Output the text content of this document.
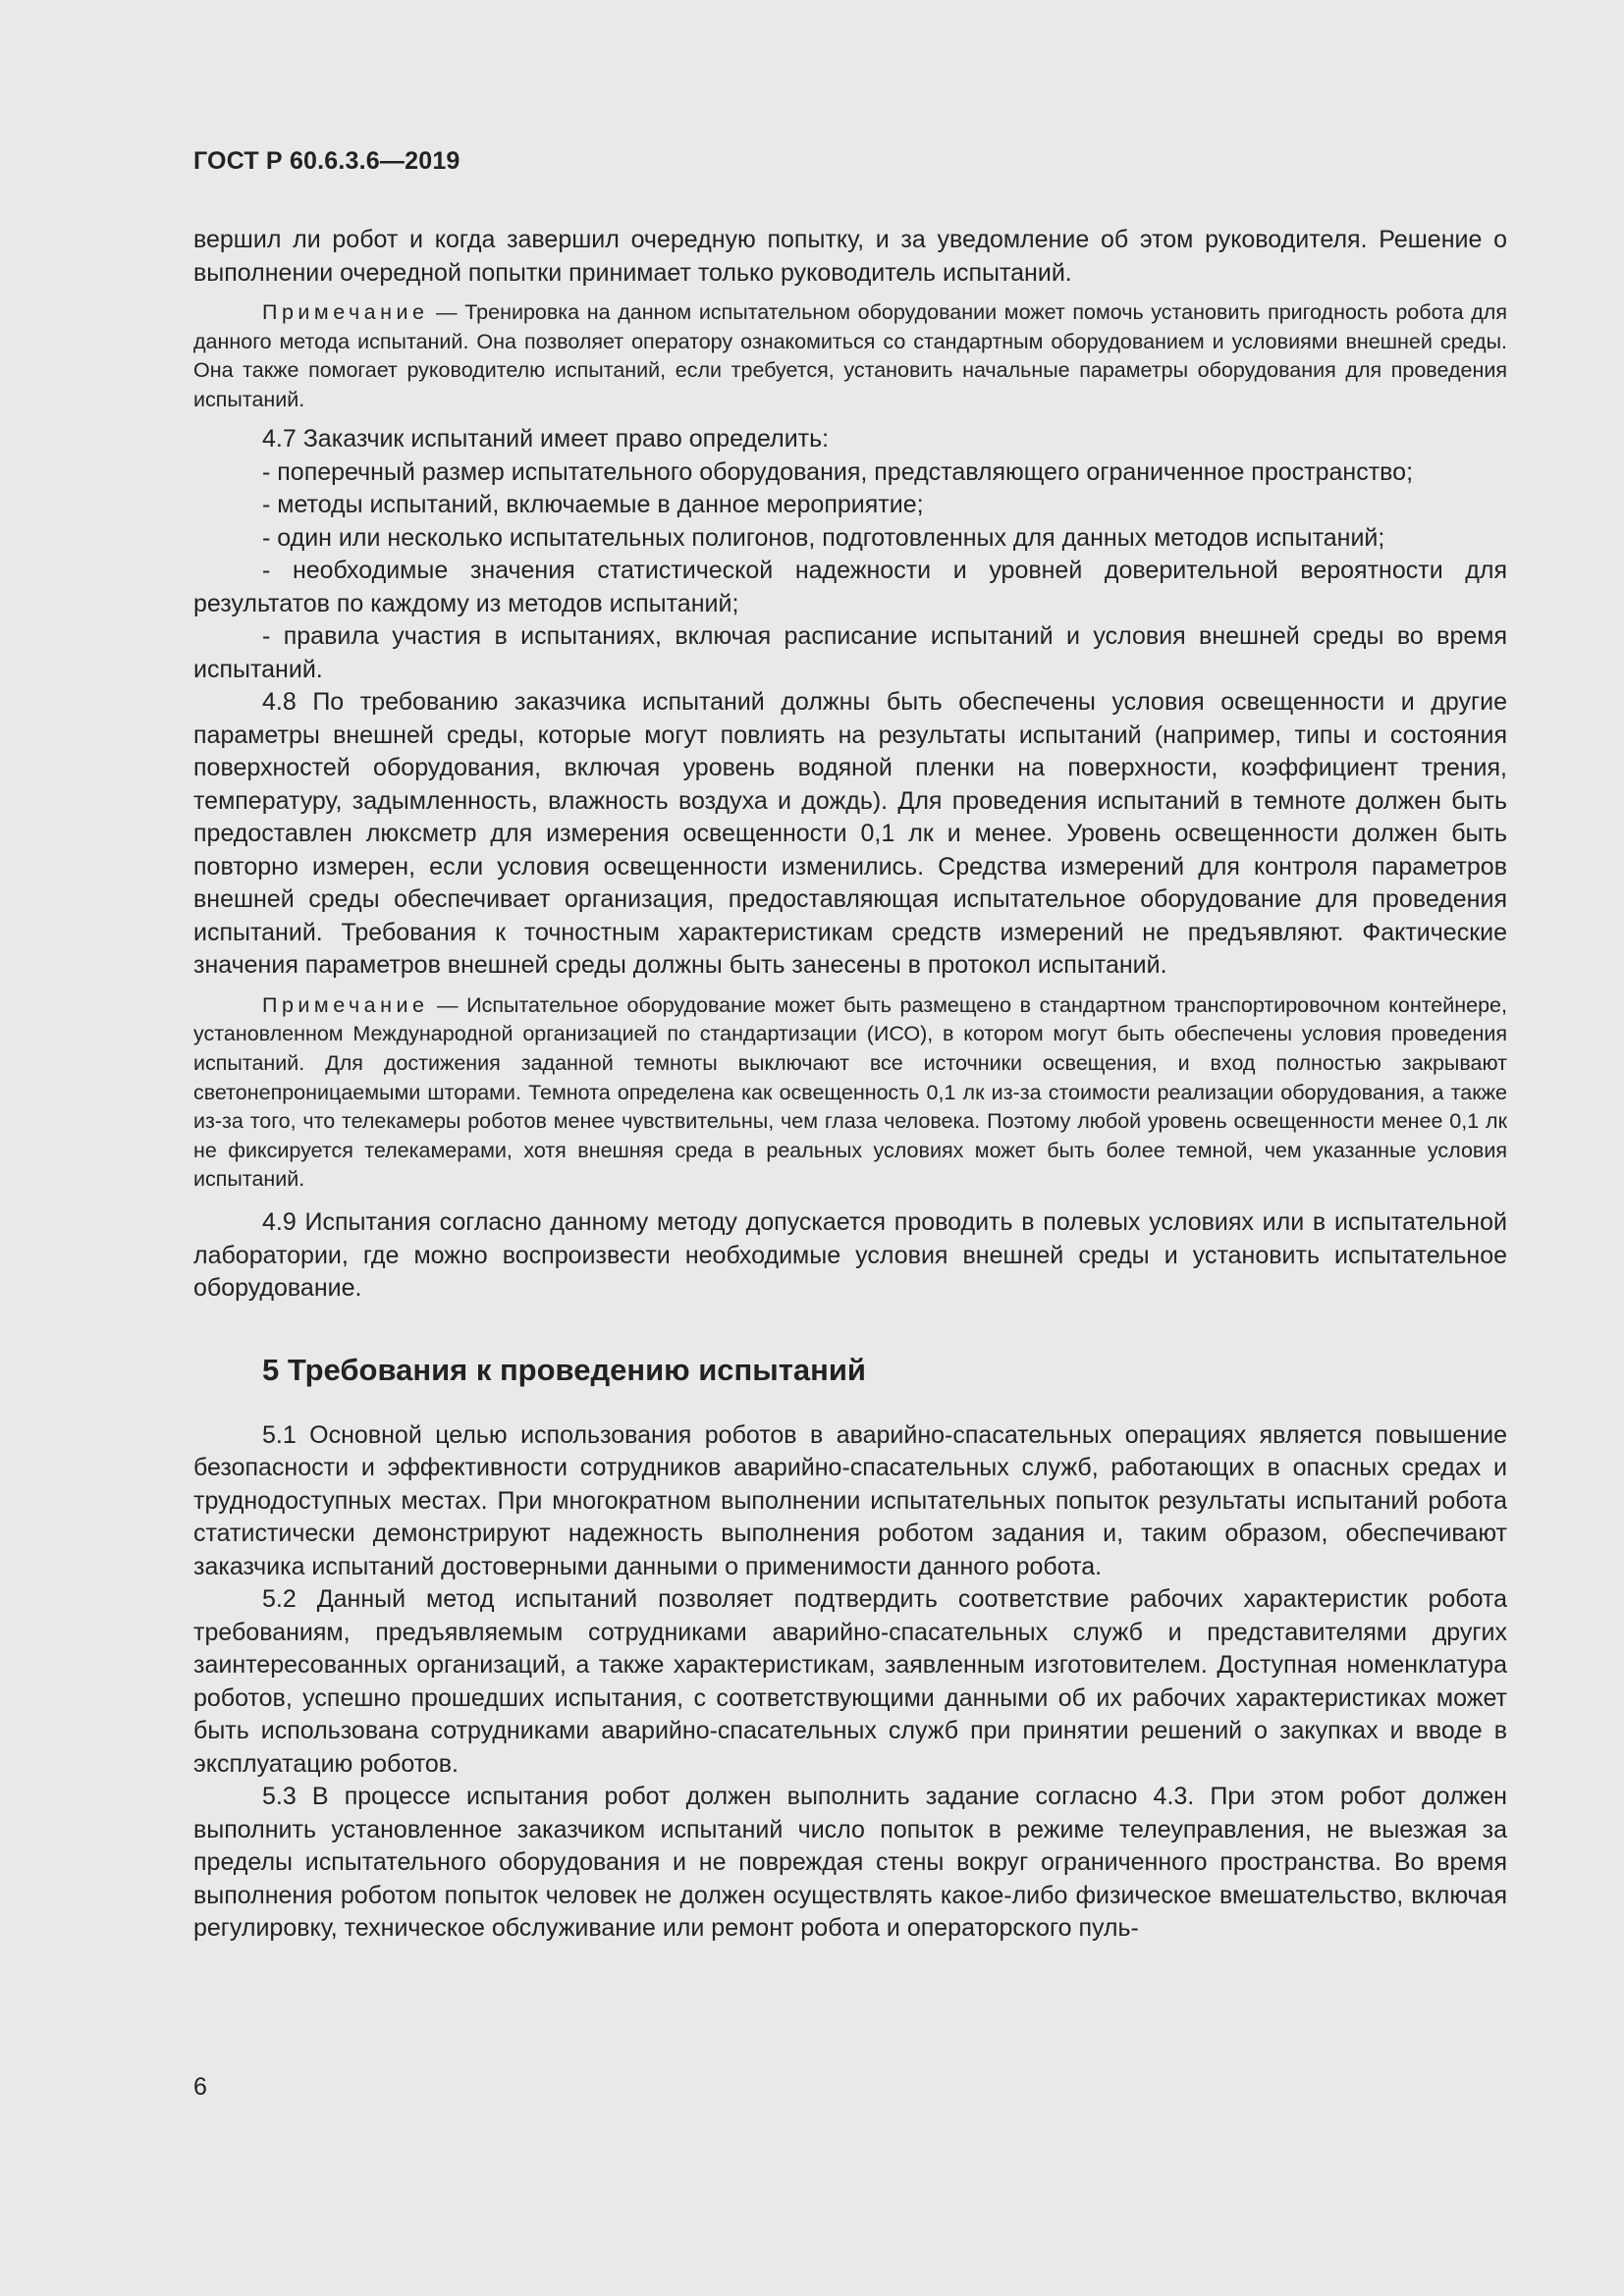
ГОСТ Р 60.6.3.6—2019

вершил ли робот и когда завершил очередную попытку, и за уведомление об этом руководителя. Решение о выполнении очередной попытки принимает только руководитель испытаний.

Примечание — Тренировка на данном испытательном оборудовании может помочь установить пригодность робота для данного метода испытаний. Она позволяет оператору ознакомиться со стандартным оборудованием и условиями внешней среды. Она также помогает руководителю испытаний, если требуется, установить начальные параметры оборудования для проведения испытаний.

4.7 Заказчик испытаний имеет право определить:

- поперечный размер испытательного оборудования, представляющего ограниченное пространство;

- методы испытаний, включаемые в данное мероприятие;

- один или несколько испытательных полигонов, подготовленных для данных методов испытаний;

- необходимые значения статистической надежности и уровней доверительной вероятности для результатов по каждому из методов испытаний;

- правила участия в испытаниях, включая расписание испытаний и условия внешней среды во время испытаний.

4.8 По требованию заказчика испытаний должны быть обеспечены условия освещенности и другие параметры внешней среды, которые могут повлиять на результаты испытаний (например, типы и состояния поверхностей оборудования, включая уровень водяной пленки на поверхности, коэффициент трения, температуру, задымленность, влажность воздуха и дождь). Для проведения испытаний в темноте должен быть предоставлен люксметр для измерения освещенности 0,1 лк и менее. Уровень освещенности должен быть повторно измерен, если условия освещенности изменились. Средства измерений для контроля параметров внешней среды обеспечивает организация, предоставляющая испытательное оборудование для проведения испытаний. Требования к точностным характеристикам средств измерений не предъявляют. Фактические значения параметров внешней среды должны быть занесены в протокол испытаний.

Примечание — Испытательное оборудование может быть размещено в стандартном транспортировочном контейнере, установленном Международной организацией по стандартизации (ИСО), в котором могут быть обеспечены условия проведения испытаний. Для достижения заданной темноты выключают все источники освещения, и вход полностью закрывают светонепроницаемыми шторами. Темнота определена как освещенность 0,1 лк из-за стоимости реализации оборудования, а также из-за того, что телекамеры роботов менее чувствительны, чем глаза человека. Поэтому любой уровень освещенности менее 0,1 лк не фиксируется телекамерами, хотя внешняя среда в реальных условиях может быть более темной, чем указанные условия испытаний.

4.9 Испытания согласно данному методу допускается проводить в полевых условиях или в испытательной лаборатории, где можно воспроизвести необходимые условия внешней среды и установить испытательное оборудование.

5 Требования к проведению испытаний

5.1 Основной целью использования роботов в аварийно-спасательных операциях является повышение безопасности и эффективности сотрудников аварийно-спасательных служб, работающих в опасных средах и труднодоступных местах. При многократном выполнении испытательных попыток результаты испытаний робота статистически демонстрируют надежность выполнения роботом задания и, таким образом, обеспечивают заказчика испытаний достоверными данными о применимости данного робота.

5.2 Данный метод испытаний позволяет подтвердить соответствие рабочих характеристик робота требованиям, предъявляемым сотрудниками аварийно-спасательных служб и представителями других заинтересованных организаций, а также характеристикам, заявленным изготовителем. Доступная номенклатура роботов, успешно прошедших испытания, с соответствующими данными об их рабочих характеристиках может быть использована сотрудниками аварийно-спасательных служб при принятии решений о закупках и вводе в эксплуатацию роботов.

5.3 В процессе испытания робот должен выполнить задание согласно 4.3. При этом робот должен выполнить установленное заказчиком испытаний число попыток в режиме телеуправления, не выезжая за пределы испытательного оборудования и не повреждая стены вокруг ограниченного пространства. Во время выполнения роботом попыток человек не должен осуществлять какое-либо физическое вмешательство, включая регулировку, техническое обслуживание или ремонт робота и операторского пуль-

6
